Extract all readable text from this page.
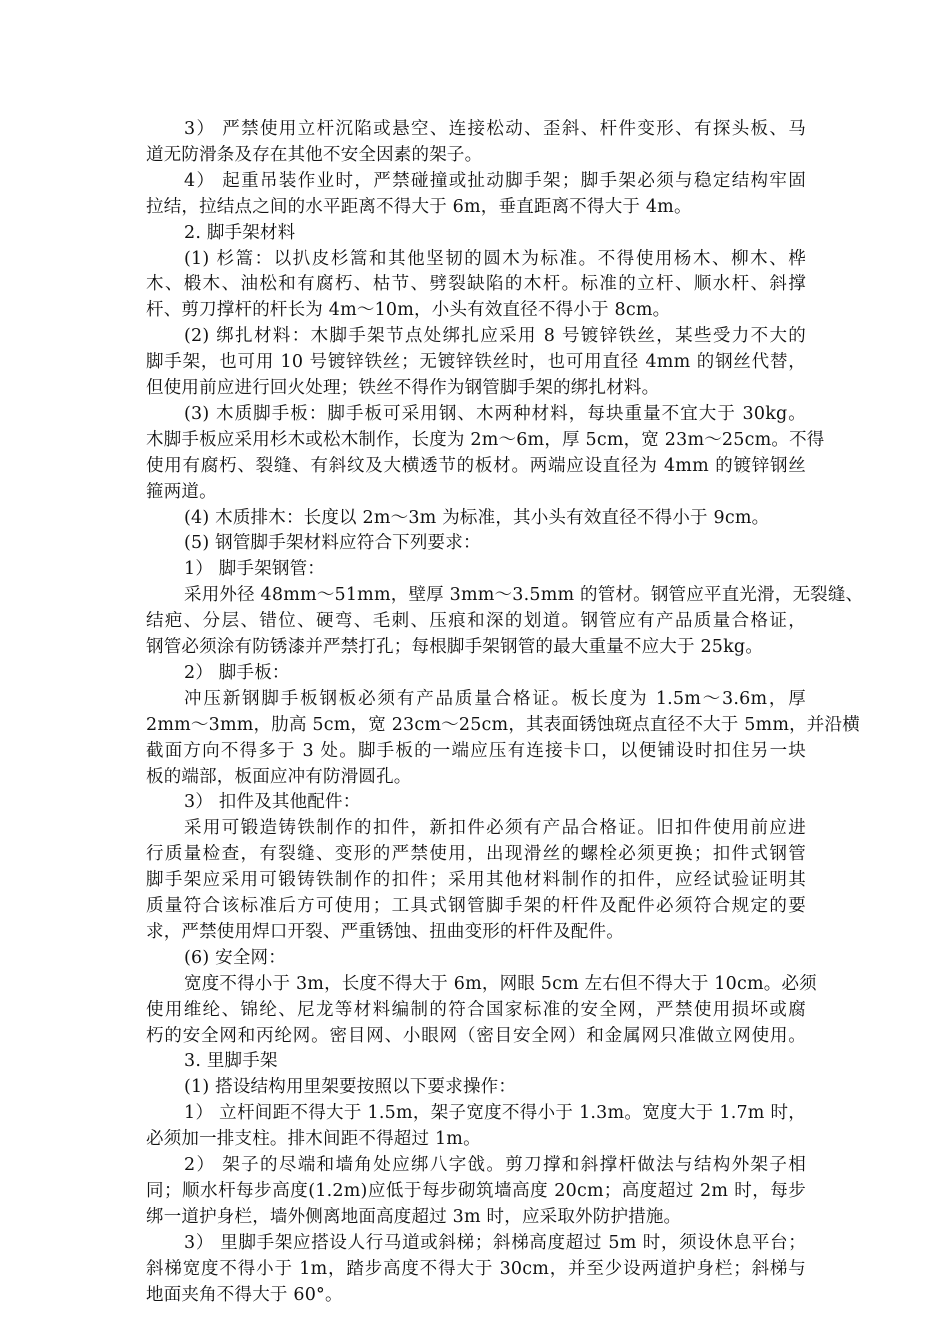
3） 严禁使用立杆沉陷或悬空、连接松动、歪斜、杆件变形、有探头板、马
道无防滑条及存在其他不安全因素的架子。
4） 起重吊装作业时，严禁碰撞或扯动脚手架；脚手架必须与稳定结构牢固
拉结，拉结点之间的水平距离不得大于 6m，垂直距离不得大于 4m。
2. 脚手架材料
(1) 杉篙：以扒皮杉篙和其他坚韧的圆木为标准。不得使用杨木、柳木、桦
木、椴木、油松和有腐朽、枯节、劈裂缺陷的木杆。标准的立杆、顺水杆、斜撑
杆、剪刀撑杆的杆长为 4m～10m，小头有效直径不得小于 8cm。
(2) 绑扎材料：木脚手架节点处绑扎应采用 8 号镀锌铁丝，某些受力不大的
脚手架，也可用 10 号镀锌铁丝；无镀锌铁丝时，也可用直径 4mm 的钢丝代替，
但使用前应进行回火处理；铁丝不得作为钢管脚手架的绑扎材料。
(3) 木质脚手板：脚手板可采用钢、木两种材料，每块重量不宜大于 30kg。
木脚手板应采用杉木或松木制作，长度为 2m～6m，厚 5cm，宽 23m～25cm。不得
使用有腐朽、裂缝、有斜纹及大横透节的板材。两端应设直径为 4mm 的镀锌钢丝
箍两道。
(4) 木质排木：长度以 2m～3m 为标准，其小头有效直径不得小于 9cm。
(5) 钢管脚手架材料应符合下列要求：
1） 脚手架钢管：
采用外径 48mm～51mm，壁厚 3mm～3.5mm 的管材。钢管应平直光滑，无裂缝、
结疤、分层、错位、硬弯、毛刺、压痕和深的划道。钢管应有产品质量合格证，
钢管必须涂有防锈漆并严禁打孔；每根脚手架钢管的最大重量不应大于 25kg。
2） 脚手板：
冲压新钢脚手板钢板必须有产品质量合格证。板长度为 1.5m～3.6m，厚
2mm～3mm，肋高 5cm，宽 23cm～25cm，其表面锈蚀斑点直径不大于 5mm，并沿横
截面方向不得多于 3 处。脚手板的一端应压有连接卡口，以便铺设时扣住另一块
板的端部，板面应冲有防滑圆孔。
3） 扣件及其他配件：
采用可锻造铸铁制作的扣件，新扣件必须有产品合格证。旧扣件使用前应进
行质量检查，有裂缝、变形的严禁使用，出现滑丝的螺栓必须更换；扣件式钢管
脚手架应采用可锻铸铁制作的扣件；采用其他材料制作的扣件，应经试验证明其
质量符合该标准后方可使用；工具式钢管脚手架的杆件及配件必须符合规定的要
求，严禁使用焊口开裂、严重锈蚀、扭曲变形的杆件及配件。
(6) 安全网：
宽度不得小于 3m，长度不得大于 6m，网眼 5cm 左右但不得大于 10cm。必须
使用维纶、锦纶、尼龙等材料编制的符合国家标准的安全网，严禁使用损坏或腐
朽的安全网和丙纶网。密目网、小眼网（密目安全网）和金属网只准做立网使用。
3. 里脚手架
(1) 搭设结构用里架要按照以下要求操作：
1） 立杆间距不得大于 1.5m，架子宽度不得小于 1.3m。宽度大于 1.7m 时，
必须加一排支柱。排木间距不得超过 1m。
2） 架子的尽端和墙角处应绑八字戗。剪刀撑和斜撑杆做法与结构外架子相
同；顺水杆每步高度(1.2m)应低于每步砌筑墙高度 20cm；高度超过 2m 时，每步
绑一道护身栏，墙外侧离地面高度超过 3m 时，应采取外防护措施。
3） 里脚手架应搭设人行马道或斜梯；斜梯高度超过 5m 时，须设休息平台；
斜梯宽度不得小于 1m，踏步高度不得大于 30cm，并至少设两道护身栏；斜梯与
地面夹角不得大于 60°。
